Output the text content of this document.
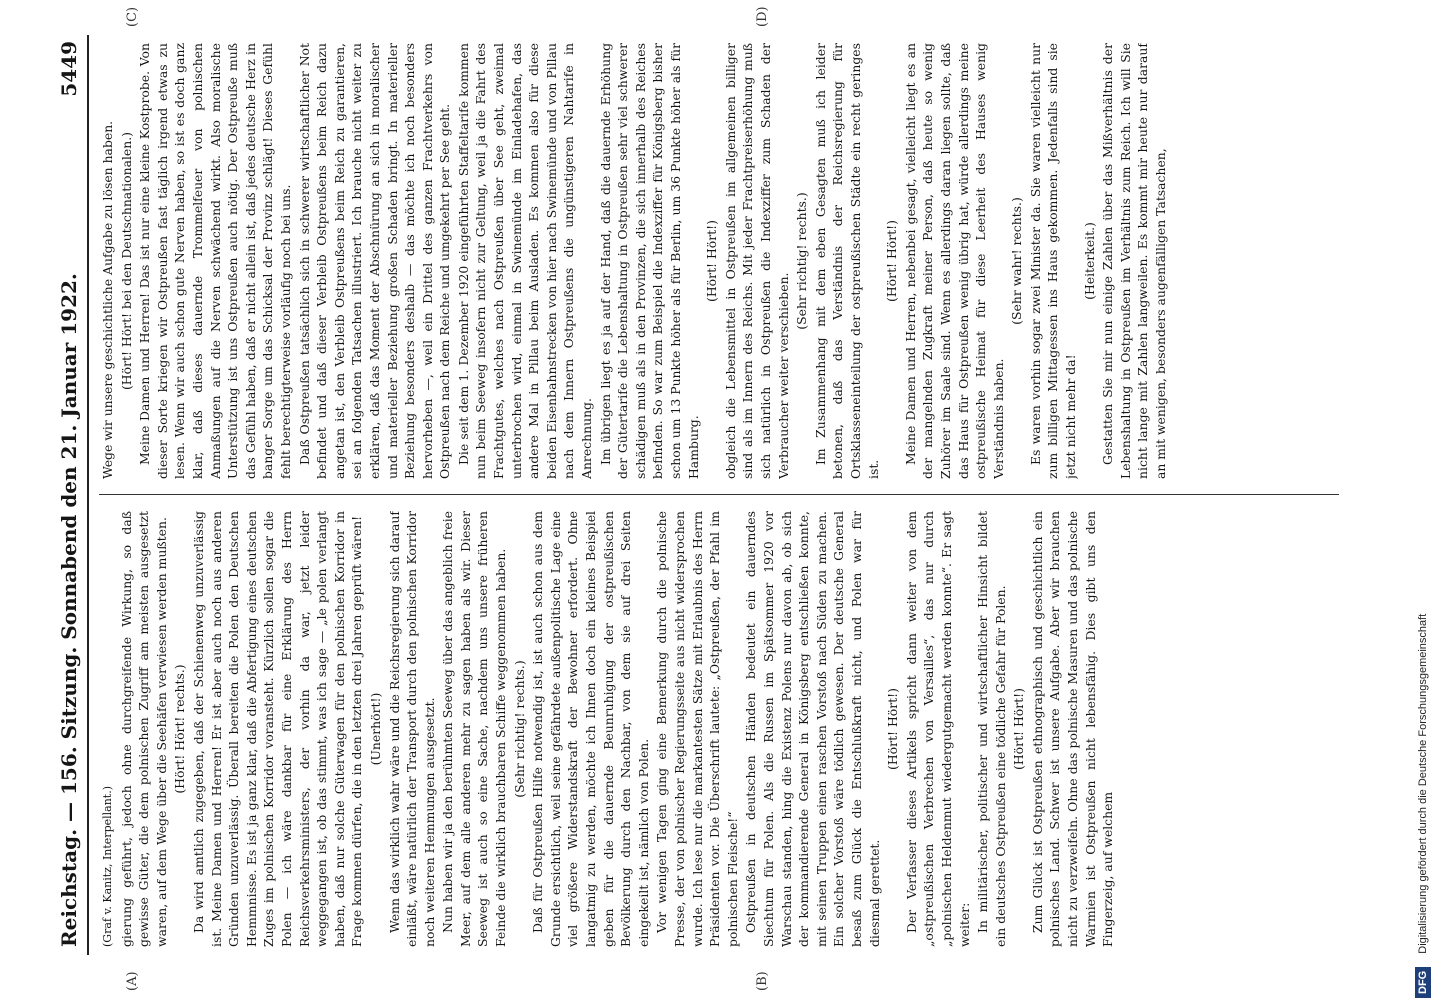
Reichstag. — 156. Sitzung. Sonnabend den 21. Januar 1922.
5449

(Graf v. Kanitz, Interpellant.) gierung geführt, jedoch ohne durchgreifende Wirkung, so daß gewisse Güter, die dem polnischen Zugriff am meisten ausgesetzt waren, auf dem Wege über die Seehäfen verwiesen werden mußten. (Hört! Hört! rechts.) Da wird amtlich zugegeben, daß der Schienenweg unzuverlässig ist. Meine Damen und Herren! Er ist aber auch noch aus anderen Gründen unzuverlässig. Überall bereiten die Polen den Deutschen Hemmnisse. Es ist ja ganz klar, daß die Abfertigung eines deutschen Zuges im polnischen Korridor voransteht. Kürzlich sollen sogar die Polen — ich wäre dankbar für eine Erklärung des Herrn Reichsverkehrsministers, der vorhin da war, jetzt leider weggegangen ist, ob das stimmt, was ich sage — „le polen verlangt haben, daß nur solche Güterwagen für den polnischen Korridor in Frage kommen dürfen, die in den letzten drei Jahren geprüft wären! (Unerhört!) Wenn das wirklich wahr wäre und die Reichsregierung sich darauf einläßt, wäre natürlich der Transport durch den polnischen Korridor noch weiteren Hemmungen ausgesetzt. Nun haben wir ja den berühmten Seeweg über das angeblich freie Meer, auf dem alle anderen mehr zu sagen haben als wir. Dieser Seeweg ist auch so eine Sache, nachdem uns unsere früheren Feinde die wirklich brauchbaren Schiffe weggenommen haben. (Sehr richtig! rechts.) Daß für Ostpreußen Hilfe notwendig ist, ist auch schon aus dem Grunde ersichtlich, weil seine gefährdete außenpolitische Lage eine viel größere Widerstandskraft der Bewohner erfordert. Ohne langatmig zu werden, möchte ich Ihnen doch ein kleines Beispiel geben für die dauernde Beunruhigung der ostpreußischen Bevölkerung durch den Nachbar, von dem sie auf drei Seiten eingekeilt ist, nämlich von Polen. Vor wenigen Tagen ging eine Bemerkung durch die polnische Presse, der von polnischer Regierungsseite aus nicht widersprochen wurde. Ich lese nur die markantesten Sätze mit Erlaubnis des Herrn Präsidenten vor. Die Überschrift lautete: „Ostpreußen, der Pfahl im polnischen Fleische!“ Ostpreußen in deutschen Händen bedeutet ein dauerndes Siechtum für Polen. Als die Russen im Spätsommer 1920 vor Warschau standen, hing die Existenz Polens nur davon ab, ob sich der kommandierende General in Königsberg entschließen konnte, mit seinen Truppen einen raschen Vorstoß nach Süden zu machen. Ein solcher Vorstoß wäre tödlich gewesen. Der deutsche General besaß zum Glück die Entschlußkraft nicht, und Polen war für diesmal gerettet.

(Hört! Hört!) Der Verfasser dieses Artikels spricht dann weiter von dem „ostpreußischen Verbrechen von Versailles“, das nur durch „polnischen Heldenmut wiedergutgemacht werden konnte“. Er sagt weiter: In militärischer, politischer und wirtschaftlicher Hinsicht bildet ein deutsches Ostpreußen eine tödliche Gefahr für Polen. (Hört! Hört!) Zum Glück ist Ostpreußen ethnographisch und geschichtlich ein polnisches Land. Schwer ist unsere Aufgabe. Aber wir brauchen nicht zu verzweifeln. Ohne das polnische Masuren und das polnische Warmien ist Ostpreußen nicht lebensfähig. Dies gibt uns den Fingerzeig, auf welchem

Wege wir unsere geschichtliche Aufgabe zu lösen haben. (Hört! Hört! bei den Deutschnationalen.) Meine Damen und Herren! Das ist nur eine kleine Kostprobe. Von dieser Sorte kriegen wir Ostpreußen fast täglich irgend etwas zu lesen. Wenn wir auch schon gute Nerven haben, so ist es doch ganz klar, daß dieses dauernde Trommelfeuer von polnischen Anmaßungen auf die Nerven schwächend wirkt. Also moralische Unterstützung ist uns Ostpreußen auch nötig. Der Ostpreuße muß das Gefühl haben, daß er nicht allein ist, daß jedes deutsche Herz in banger Sorge um das Schicksal der Provinz schlägt! Dieses Gefühl fehlt berechtigterweise vorläufig noch bei uns. Daß Ostpreußen tatsächlich sich in schwerer wirtschaftlicher Not befindet und daß dieser Verbleib Ostpreußens beim Reich dazu angetan ist, den Verbleib Ostpreußens beim Reich zu garantieren, sei an folgenden Tatsachen illustriert. Ich brauche nicht weiter zu erklären, daß das Moment der Abschnürung an sich in moralischer und materieller Beziehung großen Schaden bringt. In materieller Beziehung besonders deshalb — das möchte ich noch besonders hervorheben —, weil ein Drittel des ganzen Frachtverkehrs von Ostpreußen nach dem Reiche und umgekehrt per See geht. Die seit dem 1. Dezember 1920 eingeführten Staffeltarife kommen nun beim Seeweg insofern nicht zur Geltung, weil ja die Fahrt des Frachtgutes, welches nach Ostpreußen über See geht, zweimal unterbrochen wird, einmal in Swinemünde im Einladehafen, das andere Mal in Pillau beim Ausladen. Es kommen also für diese beiden Eisenbahnstrecken von hier nach Swinemünde und von Pillau nach dem Innern Ostpreußens die ungünstigeren Nahtarife in Anrechnung. Im übrigen liegt es ja auf der Hand, daß die dauernde Erhöhung der Gütertarife die Lebenshaltung in Ostpreußen sehr viel schwerer schädigen muß als in den Provinzen, die sich innerhalb des Reiches befinden. So war zum Beispiel die Indexziffer für Königsberg bisher schon um 13 Punkte höher als für Berlin, um 36 Punkte höher als für Hamburg.

(Hört! Hört!) obgleich die Lebensmittel in Ostpreußen im allgemeinen billiger sind als im Innern des Reichs. Mit jeder Frachtpreiserhöhung muß sich natürlich in Ostpreußen die Indexziffer zum Schaden der Verbraucher weiter verschieben.

(Sehr richtig! rechts.) Im Zusammenhang mit dem eben Gesagten muß ich leider betonen, daß das Verständnis der Reichsregierung für Ortsklasseneinteilung der ostpreußischen Städte ein recht geringes ist.

(Hört! Hört!) Meine Damen und Herren, nebenbei gesagt, vielleicht liegt es an der mangelnden Zugkraft meiner Person, daß heute so wenig Zuhörer im Saale sind. Wenn es allerdings daran liegen sollte, daß das Haus für Ostpreußen wenig übrig hat, würde allerdings meine ostpreußische Heimat für diese Leerheit des Hauses wenig Verständnis haben.

(Sehr wahr! rechts.) Es waren vorhin sogar zwei Minister da. Sie waren vielleicht nur zum billigen Mittagessen ins Haus gekommen. Jedenfalls sind sie jetzt nicht mehr da!

(Heiterkeit.) Gestatten Sie mir nun einige Zahlen über das Mißverhältnis der Lebenshaltung in Ostpreußen im Verhältnis zum Reich. Ich will Sie nicht lange mit Zahlen langweilen. Es kommt mir heute nur darauf an mit wenigen, besonders augenfälligen Tatsachen,

(A)	(B)
(C)	(D)
DFG Digitalisierung gefördert durch die Deutsche Forschungsgemeinschaft
